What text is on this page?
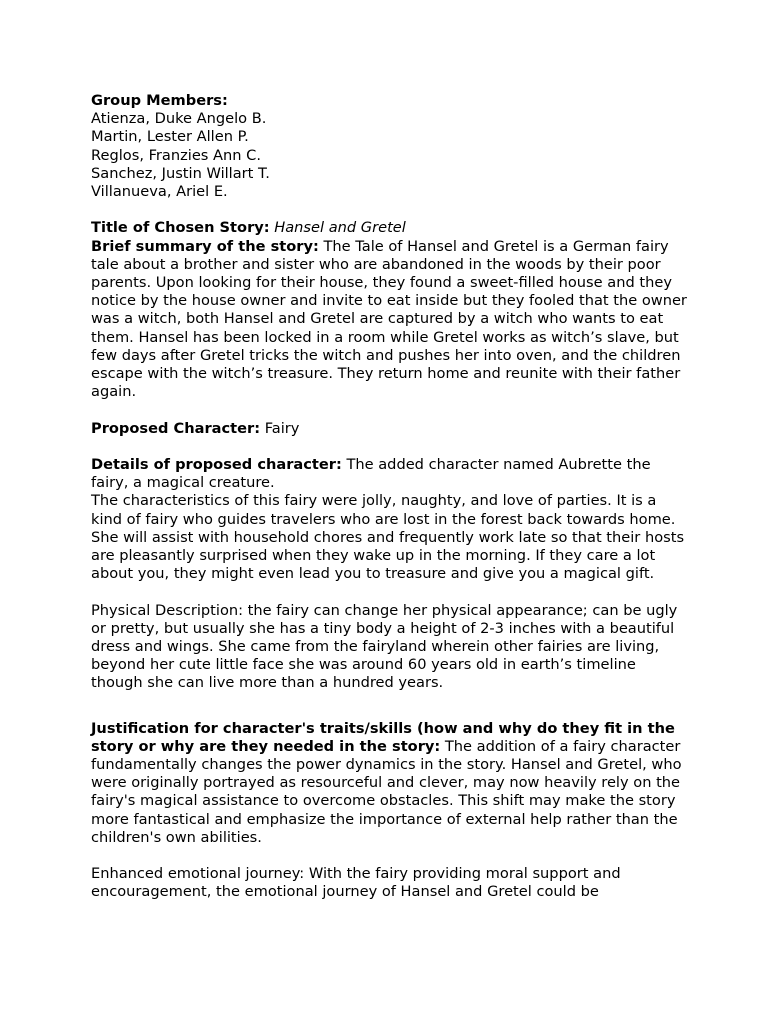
Group Members:
Atienza, Duke Angelo B.
Martin, Lester Allen P.
Reglos, Franzies Ann C.
Sanchez, Justin Willart T.
Villanueva, Ariel E.

Title of Chosen Story: Hansel and Gretel

Brief summary of the story: The Tale of Hansel and Gretel is a German fairy tale about a brother and sister who are abandoned in the woods by their poor parents. Upon looking for their house, they found a sweet-filled house and they notice by the house owner and invite to eat inside but they fooled that the owner was a witch, both Hansel and Gretel are captured by a witch who wants to eat them. Hansel has been locked in a room while Gretel works as witch’s slave, but few days after Gretel tricks the witch and pushes her into oven, and the children escape with the witch’s treasure. They return home and reunite with their father again.

Proposed Character: Fairy

Details of proposed character: The added character named Aubrette the fairy, a magical creature.

The characteristics of this fairy were jolly, naughty, and love of parties. It is a kind of fairy who guides travelers who are lost in the forest back towards home. She will assist with household chores and frequently work late so that their hosts are pleasantly surprised when they wake up in the morning. If they care a lot about you, they might even lead you to treasure and give you a magical gift.

Physical Description: the fairy can change her physical appearance; can be ugly or pretty, but usually she has a tiny body a height of 2-3 inches with a beautiful dress and wings. She came from the fairyland wherein other fairies are living, beyond her cute little face she was around 60 years old in earth’s timeline though she can live more than a hundred years.

Justification for character's traits/skills (how and why do they fit in the story or why are they needed in the story: The addition of a fairy character fundamentally changes the power dynamics in the story. Hansel and Gretel, who were originally portrayed as resourceful and clever, may now heavily rely on the fairy's magical assistance to overcome obstacles. This shift may make the story more fantastical and emphasize the importance of external help rather than the children's own abilities.

Enhanced emotional journey: With the fairy providing moral support and encouragement, the emotional journey of Hansel and Gretel could be
